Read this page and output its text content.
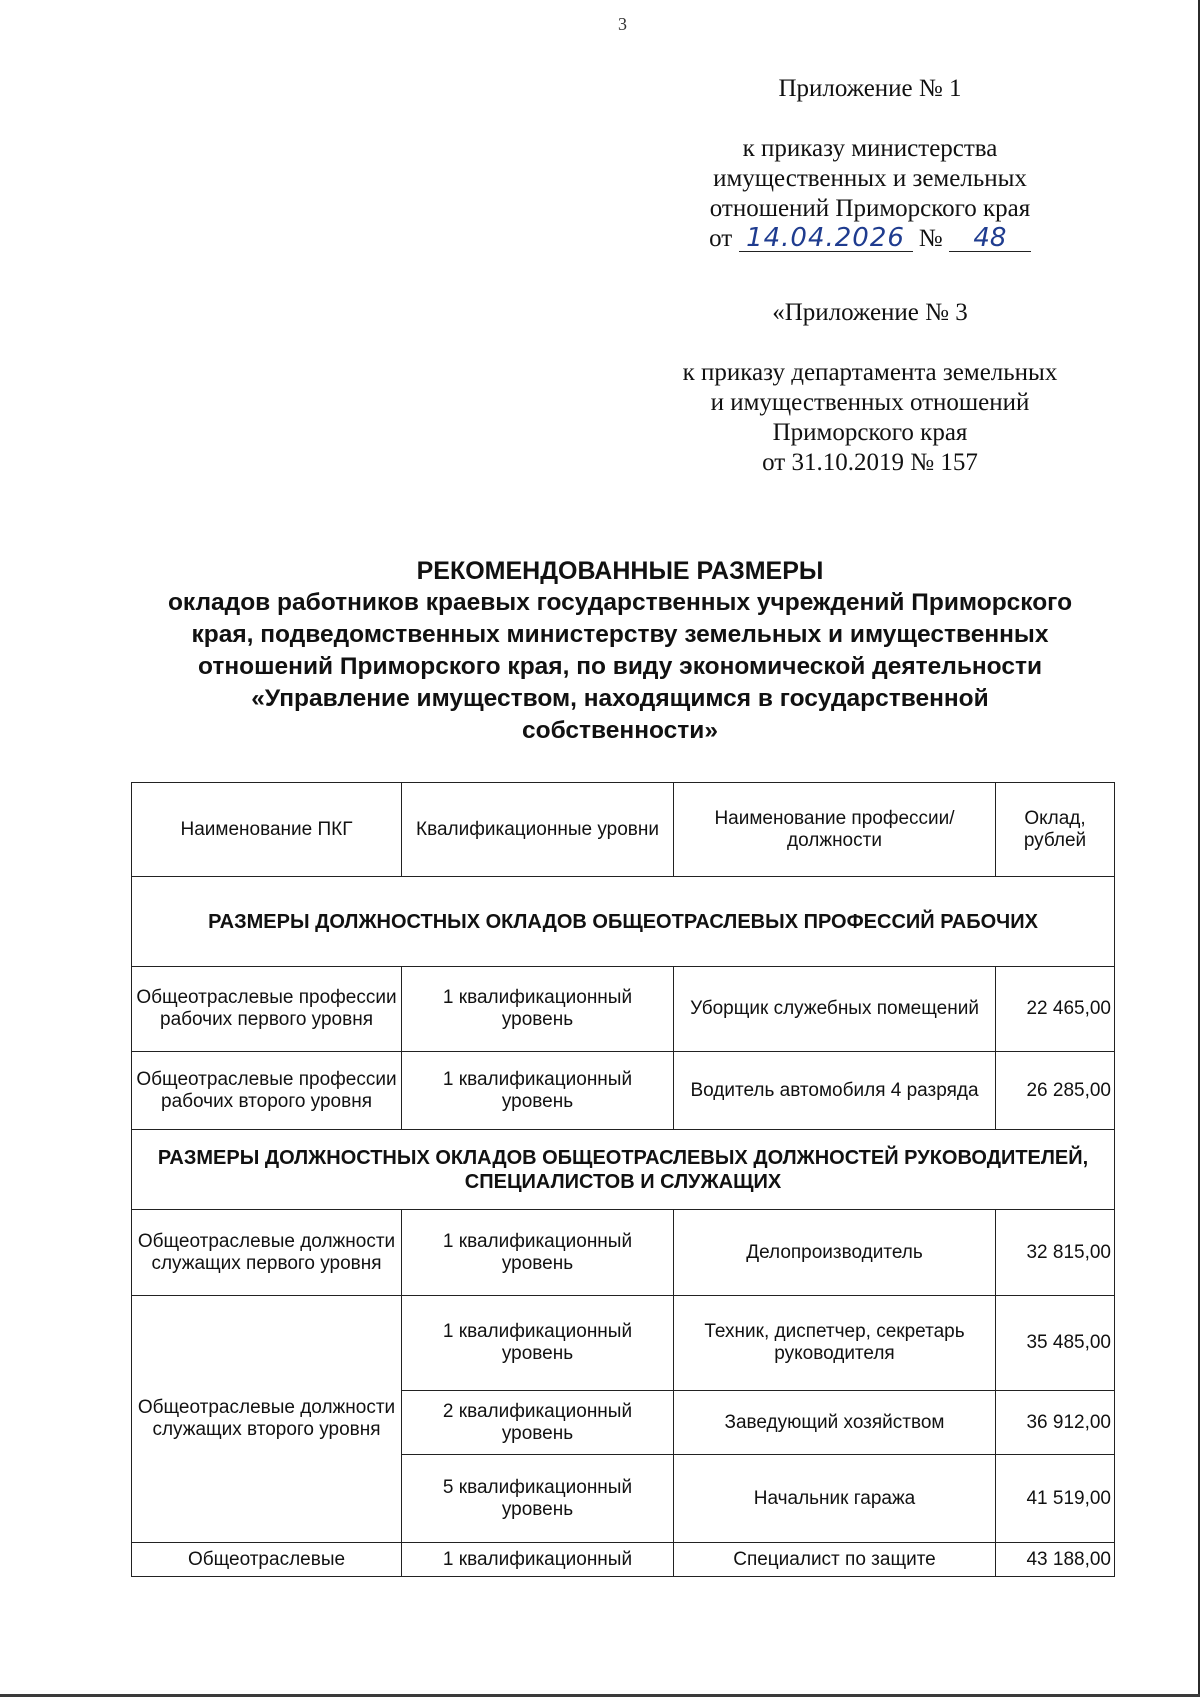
3
Приложение № 1
к приказу министерства
имущественных и земельных
отношений Приморского края
от 14.04.2026 № 48
«Приложение № 3
к приказу департамента земельных
и имущественных отношений
Приморского края
от 31.10.2019 № 157
РЕКОМЕНДОВАННЫЕ РАЗМЕРЫ
окладов работников краевых государственных учреждений Приморского
края, подведомственных министерству земельных и имущественных
отношений Приморского края, по виду экономической деятельности
«Управление имуществом, находящимся в государственной
собственности»
Наименование ПКГ	Квалификационные уровни	Наименование профессии/ должности	Оклад, рублей
РАЗМЕРЫ ДОЛЖНОСТНЫХ ОКЛАДОВ ОБЩЕОТРАСЛЕВЫХ ПРОФЕССИЙ РАБОЧИХ			
Общеотраслевые профессии рабочих первого уровня	1 квалификационный уровень	Уборщик служебных помещений	22 465,00
Общеотраслевые профессии рабочих второго уровня	1 квалификационный уровень	Водитель автомобиля 4 разряда	26 285,00
РАЗМЕРЫ ДОЛЖНОСТНЫХ ОКЛАДОВ ОБЩЕОТРАСЛЕВЫХ ДОЛЖНОСТЕЙ РУКОВОДИТЕЛЕЙ, СПЕЦИАЛИСТОВ И СЛУЖАЩИХ			
Общеотраслевые должности служащих первого уровня	1 квалификационный уровень	Делопроизводитель	32 815,00
Общеотраслевые должности служащих второго уровня	1 квалификационный уровень	Техник, диспетчер, секретарь руководителя	35 485,00
	2 квалификационный уровень	Заведующий хозяйством	36 912,00
	5 квалификационный уровень	Начальник гаража	41 519,00
Общеотраслевые	1 квалификационный	Специалист по защите	43 188,00
